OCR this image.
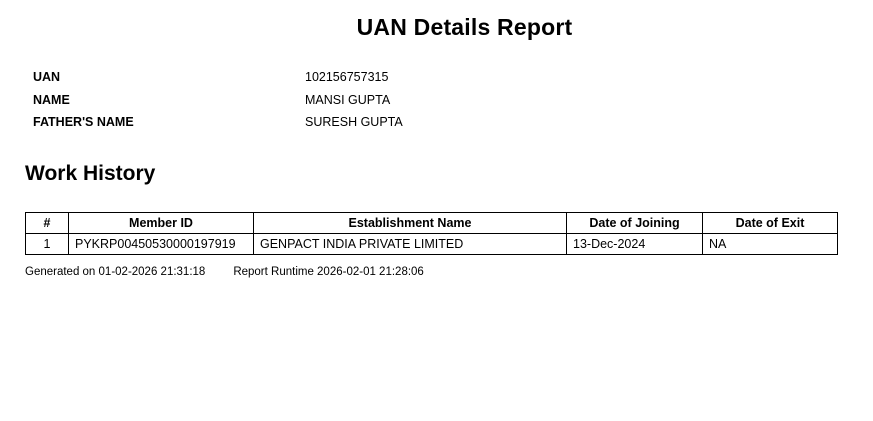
UAN Details Report
UAN	102156757315
NAME	MANSI GUPTA
FATHER'S NAME	SURESH GUPTA
Work History
#	Member ID	Establishment Name	Date of Joining	Date of Exit
1	PYKRP00450530000197919	GENPACT INDIA PRIVATE LIMITED	13-Dec-2024	NA
Generated on 01-02-2026 21:31:18 Report Runtime 2026-02-01 21:28:06
